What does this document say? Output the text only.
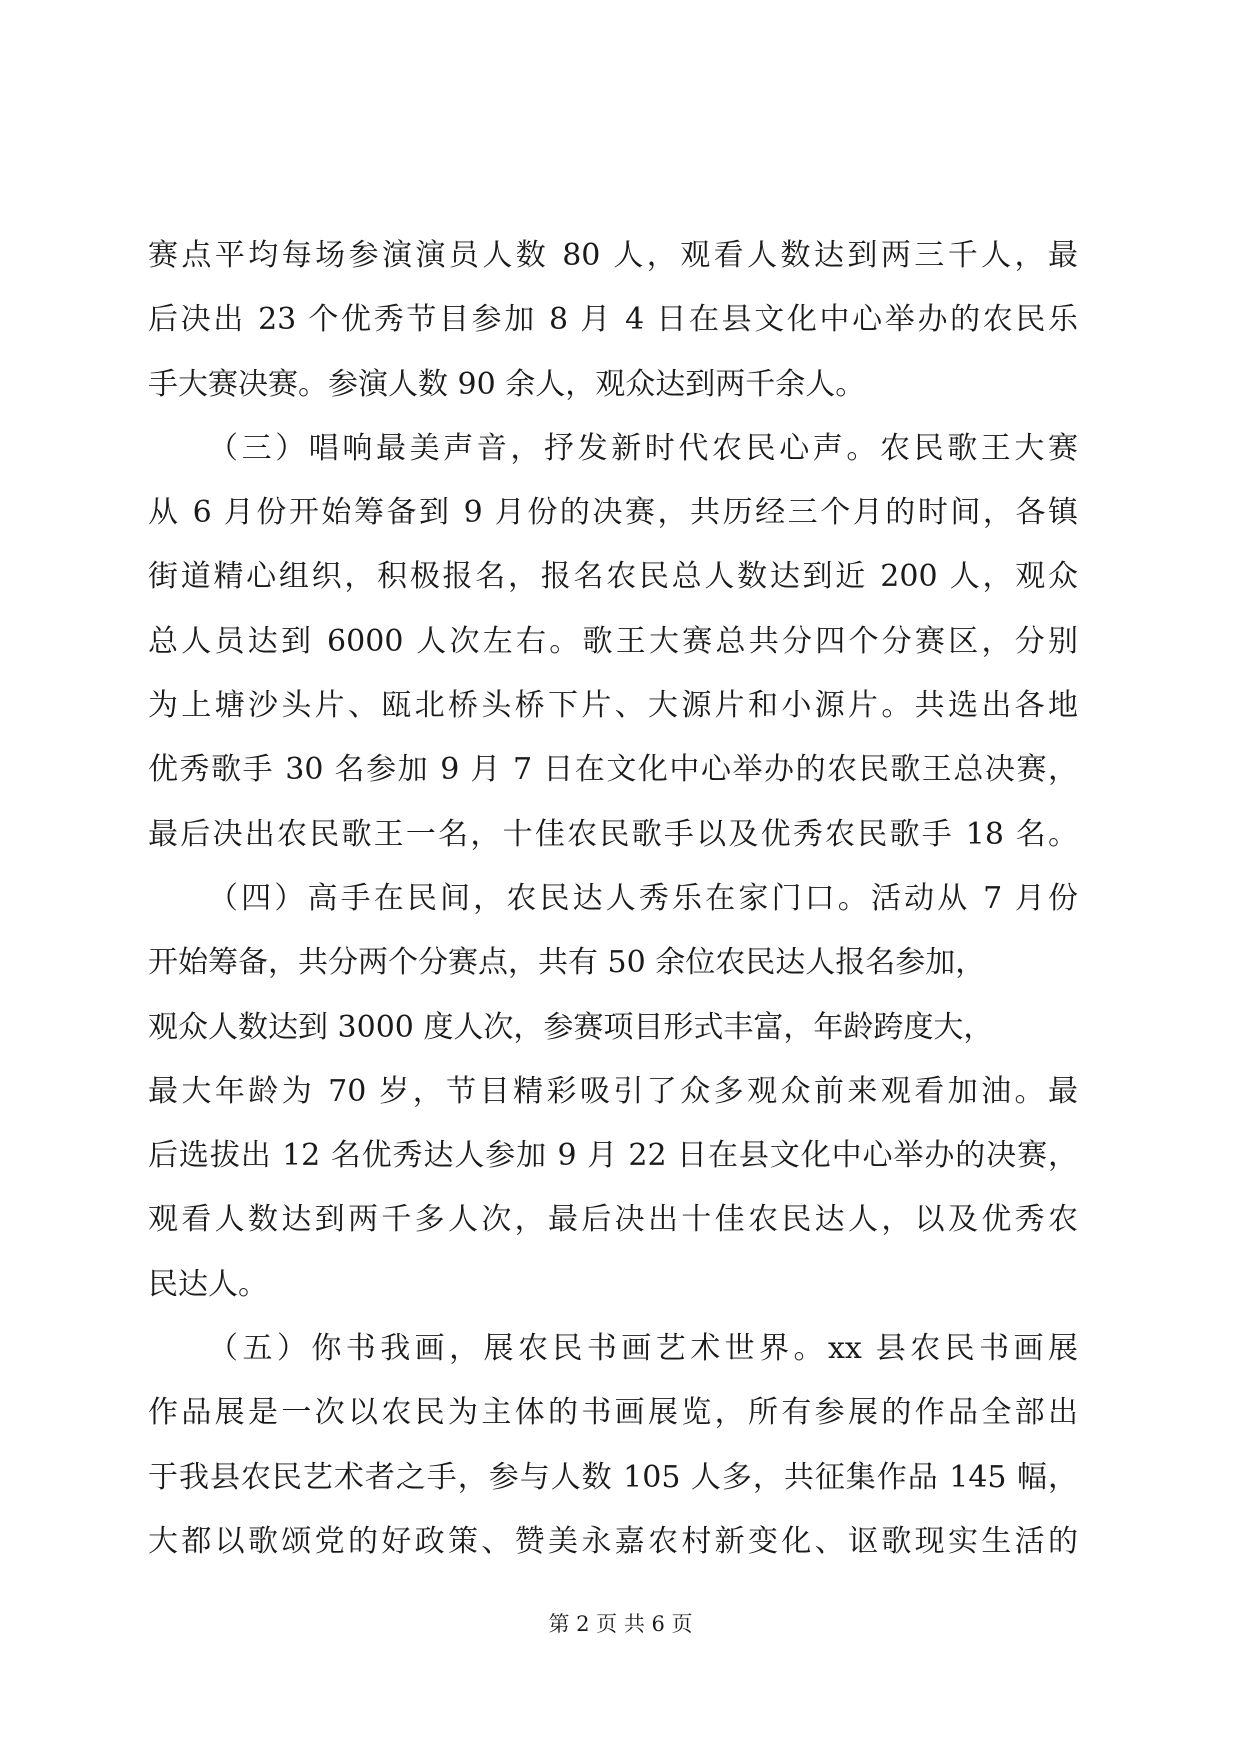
赛点平均每场参演演员人数 80 人，观看人数达到两三千人，最
后决出 23 个优秀节目参加 8 月 4 日在县文化中心举办的农民乐
手大赛决赛。参演人数 90 余人，观众达到两千余人。
（三）唱响最美声音，抒发新时代农民心声。农民歌王大赛
从 6 月份开始筹备到 9 月份的决赛，共历经三个月的时间，各镇
街道精心组织，积极报名，报名农民总人数达到近 200 人，观众
总人员达到 6000 人次左右。歌王大赛总共分四个分赛区，分别
为上塘沙头片、瓯北桥头桥下片、大源片和小源片。共选出各地
优秀歌手 30 名参加 9 月 7 日在文化中心举办的农民歌王总决赛，
最后决出农民歌王一名，十佳农民歌手以及优秀农民歌手 18 名。
（四）高手在民间，农民达人秀乐在家门口。活动从 7 月份
开始筹备，共分两个分赛点，共有 50 余位农民达人报名参加，
观众人数达到 3000 度人次，参赛项目形式丰富，年龄跨度大，
最大年龄为 70 岁，节目精彩吸引了众多观众前来观看加油。最
后选拔出 12 名优秀达人参加 9 月 22 日在县文化中心举办的决赛，
观看人数达到两千多人次，最后决出十佳农民达人，以及优秀农
民达人。
（五）你书我画，展农民书画艺术世界。xx 县农民书画展
作品展是一次以农民为主体的书画展览，所有参展的作品全部出
于我县农民艺术者之手，参与人数 105 人多，共征集作品 145 幅，
大都以歌颂党的好政策、赞美永嘉农村新变化、讴歌现实生活的
第 2 页 共 6 页
